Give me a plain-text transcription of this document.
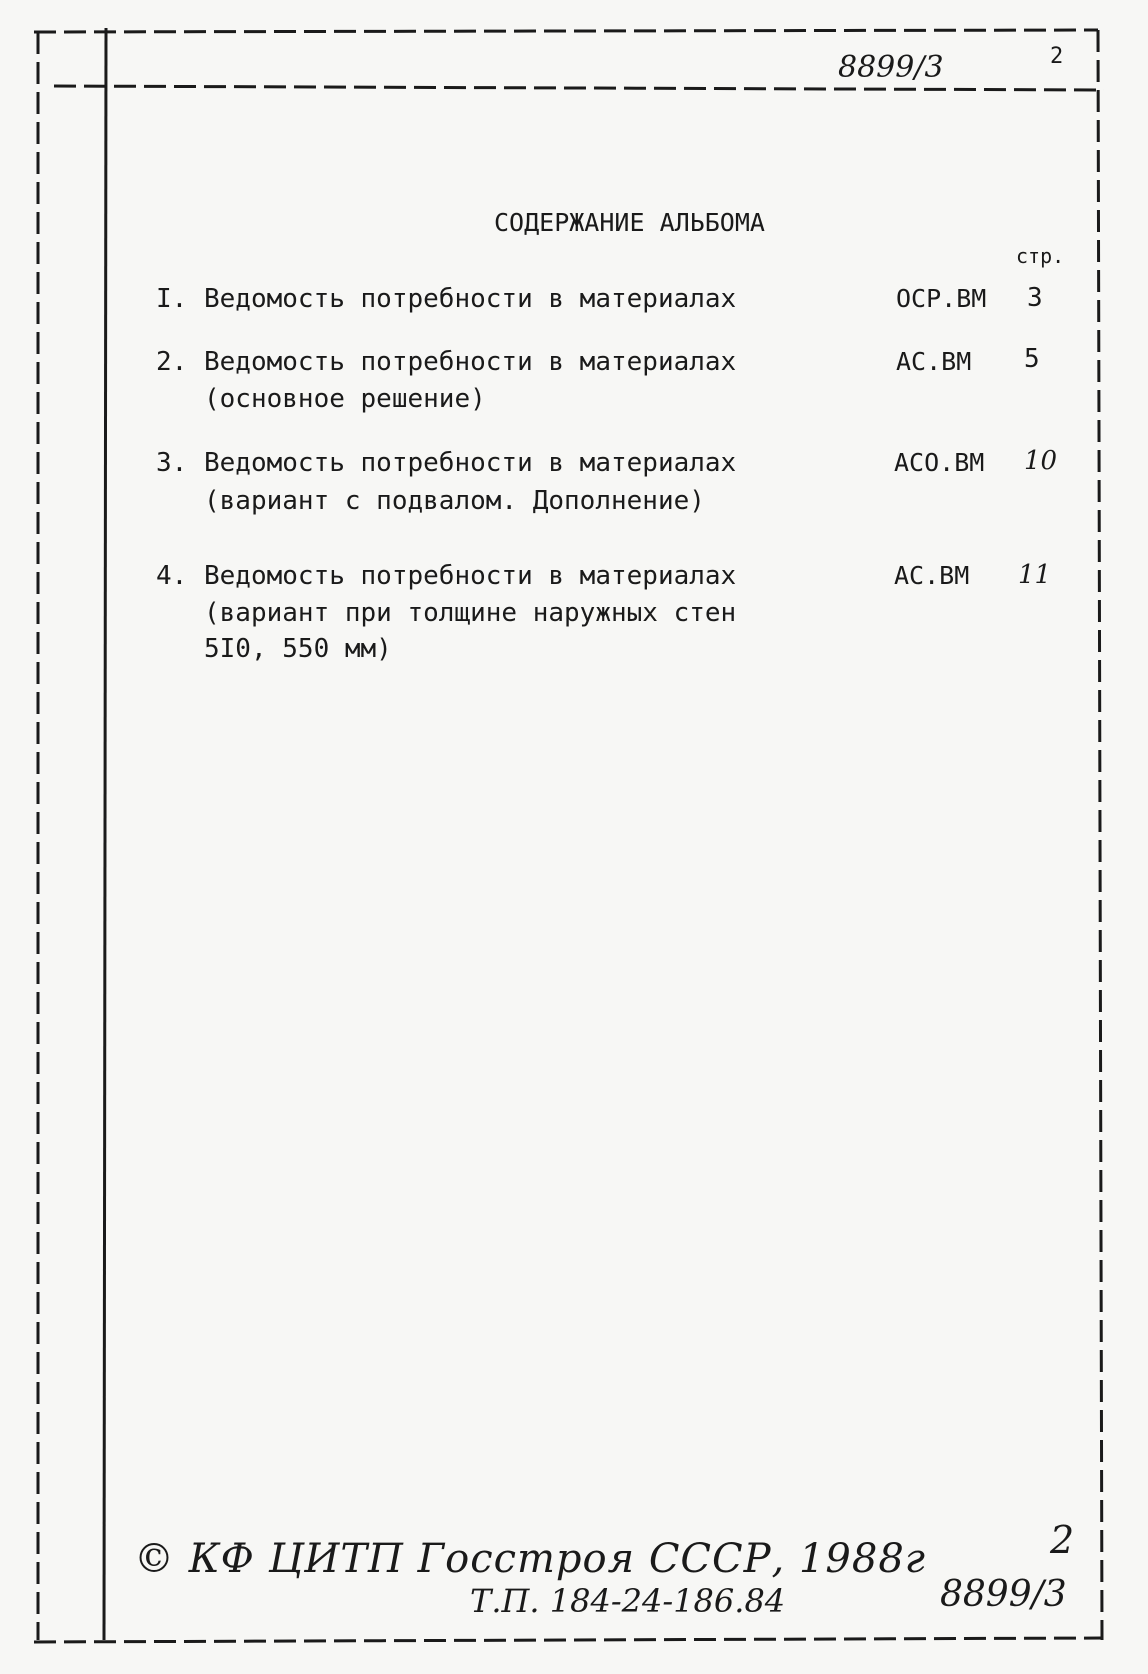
8899/3	2
СОДЕРЖАНИЕ АЛЬБОМА
стр.
I. Ведомость потребности в материалах	ОСР.ВМ 3
2. Ведомость потребности в материалах
(основное решение)
АС.ВМ 5
3. Ведомость потребности в материалах
(вариант с подвалом. Дополнение)
АСО.ВМ 10
4. Ведомость потребности в материалах
(вариант при толщине наружных стен
5I0, 550 мм)
АС.ВМ 11
© КФ ЦИТП Госстроя СССР, 1988г
Т.П. 184-24-186.84
2
8899/3
